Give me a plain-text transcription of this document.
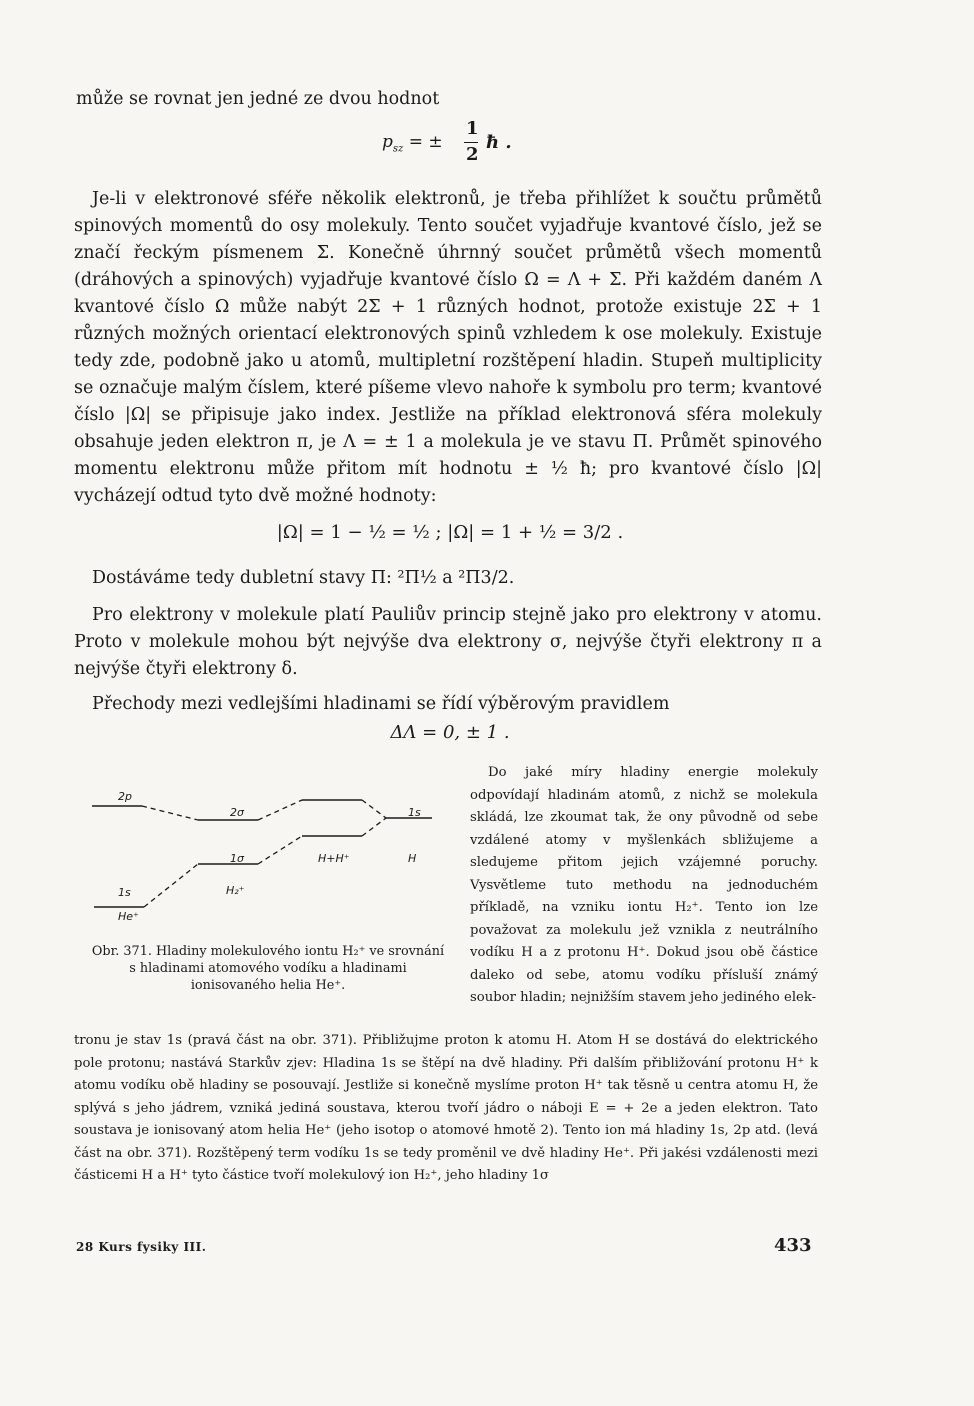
může se rovnat jen jedné ze dvou hodnot
$p_{sz}$ = ±
1
2
ħ .

Je-li v elektronové sféře několik elektronů, je třeba přihlížet k součtu průmětů spinových momentů do osy molekuly. Tento součet vyjadřuje kvantové číslo, jež se značí řeckým písmenem Σ. Konečně úhrnný součet průmětů všech momentů (dráhových a spinových) vyjadřuje kvantové číslo Ω = Λ + Σ. Při každém daném Λ kvantové číslo Ω může nabýt 2Σ + 1 různých hodnot, protože existuje 2Σ + 1 různých možných orientací elektronových spinů vzhledem k ose molekuly. Existuje tedy zde, podobně jako u atomů, multipletní rozštěpení hladin. Stupeň multiplicity se označuje malým číslem, které píšeme vlevo nahoře k symbolu pro term; kvantové číslo |Ω| se připisuje jako index. Jestliže na příklad elektronová sféra molekuly obsahuje jeden elektron π, je Λ = ± 1 a molekula je ve stavu Π. Průmět spinového momentu elektronu může přitom mít hodnotu ± ½ ħ; pro kvantové číslo |Ω| vycházejí odtud tyto dvě možné hodnoty:

|Ω| = 1 − ½ = ½ ; |Ω| = 1 + ½ = 3/2 .

Dostáváme tedy dubletní stavy Π: ²Π½ a ²Π3/2.

Pro elektrony v molekule platí Pauliův princip stejně jako pro elektrony v atomu. Proto v molekule mohou být nejvýše dva elektrony σ, nejvýše čtyři elektrony π a nejvýše čtyři elektrony δ.

Přechody mezi vedlejšími hladinami se řídí výběrovým pravidlem

ΔΛ = 0, ± 1 .
2p
1s
He⁺
2σ
1σ
H₂⁺
H+H⁺
1s
H

Obr. 371. Hladiny molekulového iontu H₂⁺ ve srovnání s hladinami atomového vodíku a hladinami ionisovaného helia He⁺.

Do jaké míry hladiny energie molekuly odpovídají hladinám atomů, z nichž se molekula skládá, lze zkoumat tak, že ony původně od sebe vzdálené atomy v myšlenkách sbližujeme a sledujeme přitom jejich vzájemné poruchy. Vysvětleme tuto methodu na jednoduchém příkladě, na vzniku iontu H₂⁺. Tento ion lze považovat za molekulu jež vznikla z neutrálního vodíku H a z protonu H⁺. Dokud jsou obě částice daleko od sebe, atomu vodíku přísluší známý soubor hladin; nejnižším stavem jeho jediného elek-

tronu je stav 1s (pravá část na obr. 371). Přibližujme proton k atomu H. Atom H se dostává do elektrického pole protonu; nastává Starkův zjev: Hladina 1s se štěpí na dvě hladiny. Při dalším přibližování protonu H⁺ k atomu vodíku obě hladiny se posouvají. Jestliže si konečně myslíme proton H⁺ tak těsně u centra atomu H, že splývá s jeho jádrem, vzniká jediná soustava, kterou tvoří jádro o náboji E = + 2e a jeden elektron. Tato soustava je ionisovaný atom helia He⁺ (jeho isotop o atomové hmotě 2). Tento ion má hladiny 1s, 2p atd. (levá část na obr. 371). Rozštěpený term vodíku 1s se tedy proměnil ve dvě hladiny He⁺. Při jakési vzdálenosti mezi částicemi H a H⁺ tyto částice tvoří molekulový ion H₂⁺, jeho hladiny 1σ

28 Kurs fysiky III.	433
